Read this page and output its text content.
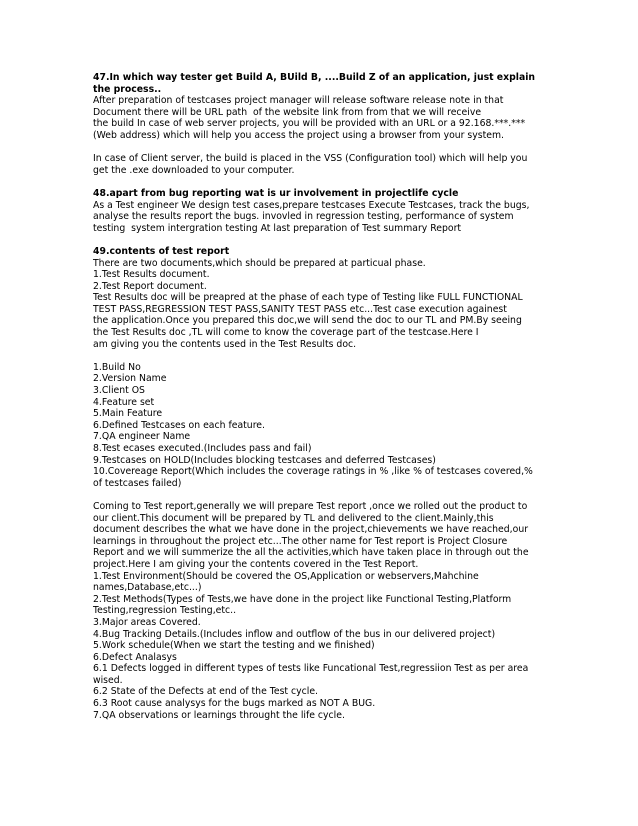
47.In which way tester get Build A, BUild B, ....Build Z of an application, just explain
the process..
After preparation of testcases project manager will release software release note in that
Document there will be URL path  of the website link from from that we will receive
the build In case of web server projects, you will be provided with an URL or a 92.168.***.***
(Web address) which will help you access the project using a browser from your system.
In case of Client server, the build is placed in the VSS (Configuration tool) which will help you
get the .exe downloaded to your computer.
48.apart from bug reporting wat is ur involvement in projectlife cycle
As a Test engineer We design test cases,prepare testcases Execute Testcases, track the bugs,
analyse the results report the bugs. invovled in regression testing, performance of system
testing  system intergration testing At last preparation of Test summary Report
49.contents of test report
There are two documents,which should be prepared at particual phase.
1.Test Results document.
2.Test Report document.
Test Results doc will be preapred at the phase of each type of Testing like FULL FUNCTIONAL
TEST PASS,REGRESSION TEST PASS,SANITY TEST PASS etc...Test case execution againest
the application.Once you prepared this doc,we will send the doc to our TL and PM.By seeing
the Test Results doc ,TL will come to know the coverage part of the testcase.Here I
am giving you the contents used in the Test Results doc.
1.Build No
2.Version Name
3.Client OS
4.Feature set
5.Main Feature
6.Defined Testcases on each feature.
7.QA engineer Name
8.Test ecases executed.(Includes pass and fail)
9.Testcases on HOLD(Includes blocking testcases and deferred Testcases)
10.Covereage Report(Which includes the coverage ratings in % ,like % of testcases covered,%
of testcases failed)
Coming to Test report,generally we will prepare Test report ,once we rolled out the product to
our client.This document will be prepared by TL and delivered to the client.Mainly,this
document describes the what we have done in the project,chievements we have reached,our
learnings in throughout the project etc...The other name for Test report is Project Closure
Report and we will summerize the all the activities,which have taken place in through out the
project.Here I am giving your the contents covered in the Test Report.
1.Test Environment(Should be covered the OS,Application or webservers,Mahchine
names,Database,etc...)
2.Test Methods(Types of Tests,we have done in the project like Functional Testing,Platform
Testing,regression Testing,etc..
3.Major areas Covered.
4.Bug Tracking Details.(Includes inflow and outflow of the bus in our delivered project)
5.Work schedule(When we start the testing and we finished)
6.Defect Analasys
6.1 Defects logged in different types of tests like Funcational Test,regressiion Test as per area
wised.
6.2 State of the Defects at end of the Test cycle.
6.3 Root cause analysys for the bugs marked as NOT A BUG.
7.QA observations or learnings throught the life cycle.
